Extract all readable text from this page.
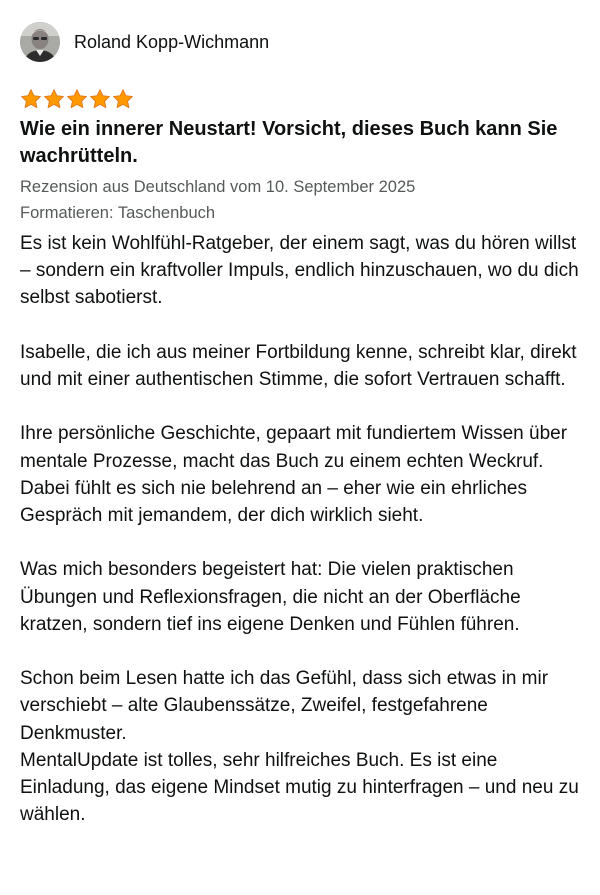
Roland Kopp-Wichmann
Wie ein innerer Neustart! Vorsicht, dieses Buch kann Sie wachrütteln.
Rezension aus Deutschland vom 10. September 2025
Formatieren: Taschenbuch

Es ist kein Wohlfühl-Ratgeber, der einem sagt, was du hören willst – sondern ein kraftvoller Impuls, endlich hinzuschauen, wo du dich selbst sabotierst.

Isabelle, die ich aus meiner Fortbildung kenne, schreibt klar, direkt und mit einer authentischen Stimme, die sofort Vertrauen schafft.

Ihre persönliche Geschichte, gepaart mit fundiertem Wissen über mentale Prozesse, macht das Buch zu einem echten Weckruf. Dabei fühlt es sich nie belehrend an – eher wie ein ehrliches Gespräch mit jemandem, der dich wirklich sieht.

Was mich besonders begeistert hat: Die vielen praktischen Übungen und Reflexionsfragen, die nicht an der Oberfläche kratzen, sondern tief ins eigene Denken und Fühlen führen.

Schon beim Lesen hatte ich das Gefühl, dass sich etwas in mir verschiebt – alte Glaubenssätze, Zweifel, festgefahrene Denkmuster.

MentalUpdate ist tolles, sehr hilfreiches Buch. Es ist eine Einladung, das eigene Mindset mutig zu hinterfragen – und neu zu wählen.
